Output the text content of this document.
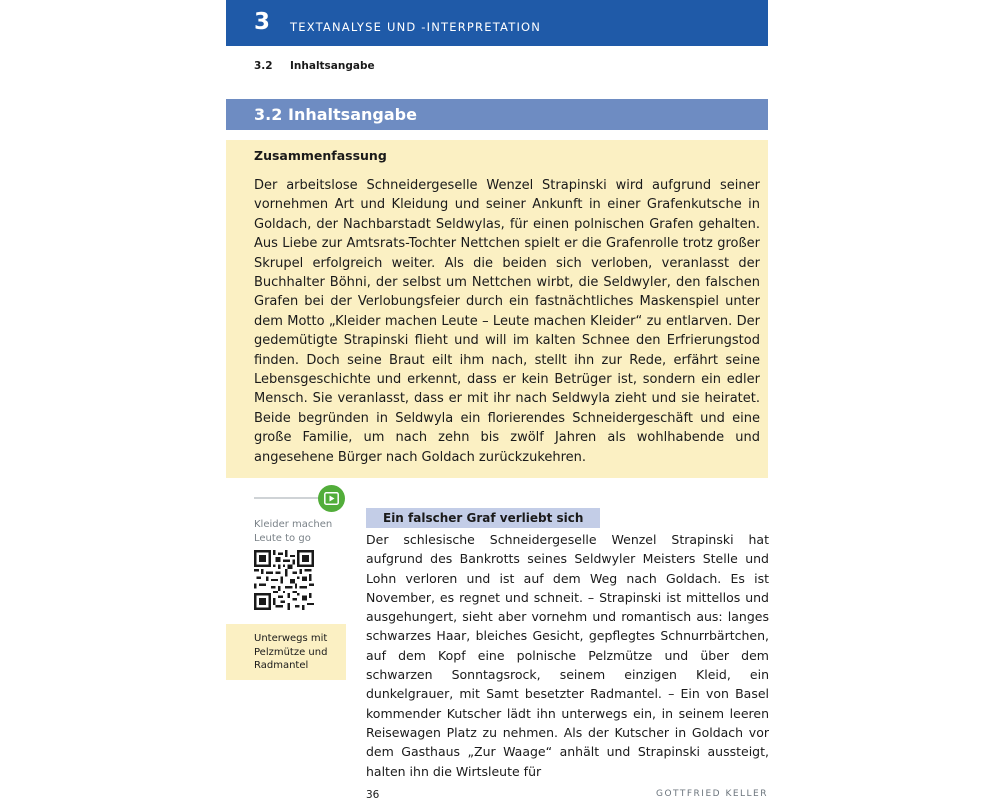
3 TEXTANALYSE UND -INTERPRETATION
3.2 Inhaltsangabe
3.2 Inhaltsangabe
Zusammenfassung

Der arbeitslose Schneidergeselle Wenzel Strapinski wird aufgrund seiner vornehmen Art und Kleidung und seiner Ankunft in einer Grafenkutsche in Goldach, der Nachbarstadt Seldwylas, für einen polnischen Grafen gehalten. Aus Liebe zur Amtsrats-Tochter Nettchen spielt er die Grafenrolle trotz großer Skrupel erfolgreich weiter. Als die beiden sich verloben, veranlasst der Buchhalter Böhni, der selbst um Nettchen wirbt, die Seldwyler, den falschen Grafen bei der Verlobungsfeier durch ein fastnächtliches Maskenspiel unter dem Motto „Kleider machen Leute – Leute machen Kleider“ zu entlarven. Der gedemütigte Strapinski flieht und will im kalten Schnee den Erfrierungstod finden. Doch seine Braut eilt ihm nach, stellt ihn zur Rede, erfährt seine Lebensgeschichte und erkennt, dass er kein Betrüger ist, sondern ein edler Mensch. Sie veranlasst, dass er mit ihr nach Seldwyla zieht und sie heiratet. Beide begründen in Seldwyla ein florierendes Schneidergeschäft und eine große Familie, um nach zehn bis zwölf Jahren als wohlhabende und angesehene Bürger nach Goldach zurückzukehren.

Kleider machen Leute to go
Unterwegs mit Pelzmütze und Radmantel
Ein falscher Graf verliebt sich

Der schlesische Schneidergeselle Wenzel Strapinski hat aufgrund des Bankrotts seines Seldwyler Meisters Stelle und Lohn verloren und ist auf dem Weg nach Goldach. Es ist November, es regnet und schneit. – Strapinski ist mittellos und ausgehungert, sieht aber vornehm und romantisch aus: langes schwarzes Haar, bleiches Gesicht, gepflegtes Schnurrbärtchen, auf dem Kopf eine polnische Pelzmütze und über dem schwarzen Sonntagsrock, seinem einzigen Kleid, ein dunkelgrauer, mit Samt besetzter Radmantel. – Ein von Basel kommender Kutscher lädt ihn unterwegs ein, in seinem leeren Reisewagen Platz zu nehmen. Als der Kutscher in Goldach vor dem Gasthaus „Zur Waage“ anhält und Strapinski aussteigt, halten ihn die Wirtsleute für

36	GOTTFRIED KELLER
